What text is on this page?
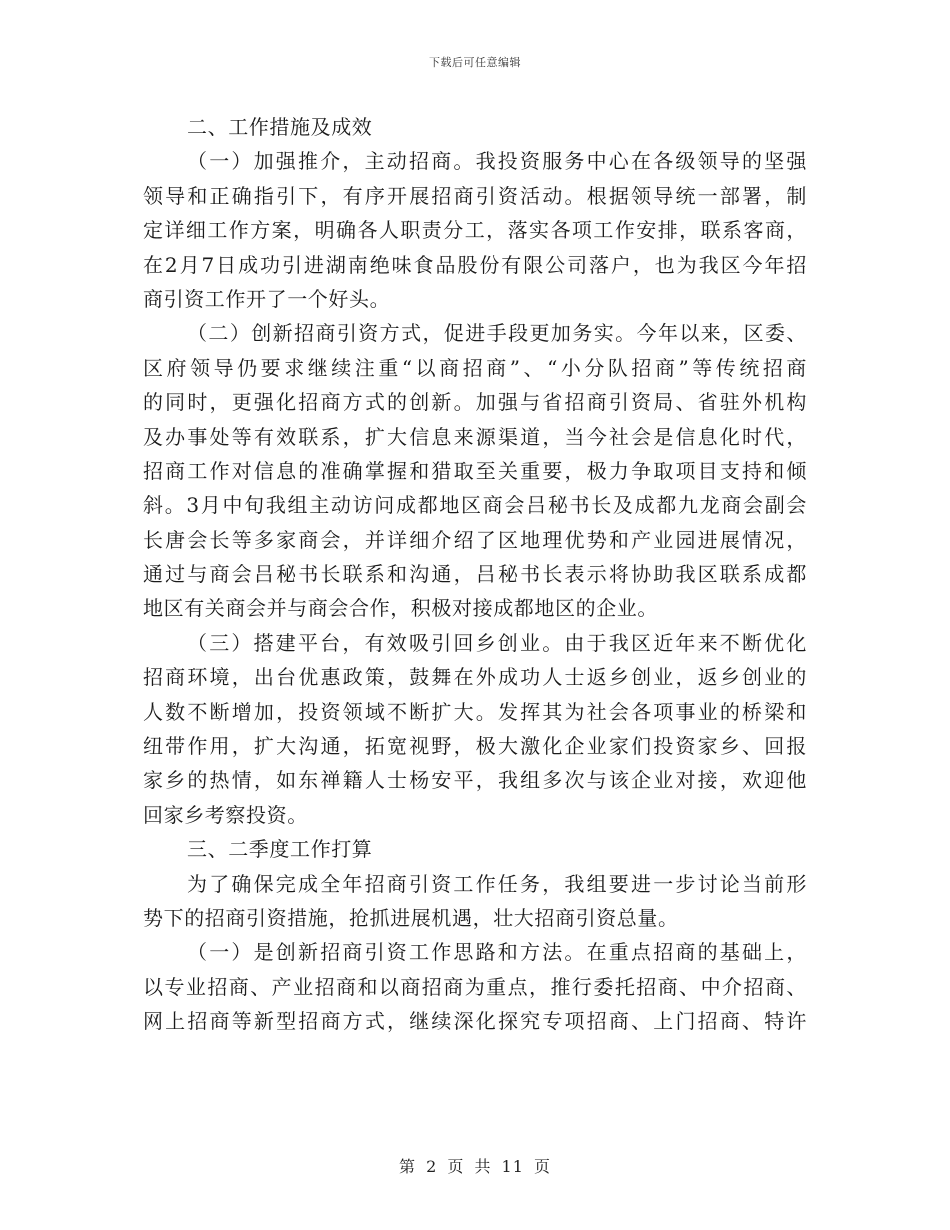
下载后可任意编辑
二、工作措施及成效
（一）加强推介，主动招商。我投资服务中心在各级领导的坚强
领导和正确指引下，有序开展招商引资活动。根据领导统一部署，制
定详细工作方案，明确各人职责分工，落实各项工作安排，联系客商，
在2月7日成功引进湖南绝味食品股份有限公司落户，也为我区今年招
商引资工作开了一个好头。
（二）创新招商引资方式，促进手段更加务实。今年以来，区委、
区府领导仍要求继续注重“以商招商”、“小分队招商”等传统招商
的同时，更强化招商方式的创新。加强与省招商引资局、省驻外机构
及办事处等有效联系，扩大信息来源渠道，当今社会是信息化时代，
招商工作对信息的准确掌握和猎取至关重要，极力争取项目支持和倾
斜。3月中旬我组主动访问成都地区商会吕秘书长及成都九龙商会副会
长唐会长等多家商会，并详细介绍了区地理优势和产业园进展情况，
通过与商会吕秘书长联系和沟通，吕秘书长表示将协助我区联系成都
地区有关商会并与商会合作，积极对接成都地区的企业。
（三）搭建平台，有效吸引回乡创业。由于我区近年来不断优化
招商环境，出台优惠政策，鼓舞在外成功人士返乡创业，返乡创业的
人数不断增加，投资领域不断扩大。发挥其为社会各项事业的桥梁和
纽带作用，扩大沟通，拓宽视野，极大激化企业家们投资家乡、回报
家乡的热情，如东禅籍人士杨安平，我组多次与该企业对接，欢迎他
回家乡考察投资。
三、二季度工作打算
为了确保完成全年招商引资工作任务，我组要进一步讨论当前形
势下的招商引资措施，抢抓进展机遇，壮大招商引资总量。
（一）是创新招商引资工作思路和方法。在重点招商的基础上，
以专业招商、产业招商和以商招商为重点，推行委托招商、中介招商、
网上招商等新型招商方式，继续深化探究专项招商、上门招商、特许
第 2 页 共 11 页
